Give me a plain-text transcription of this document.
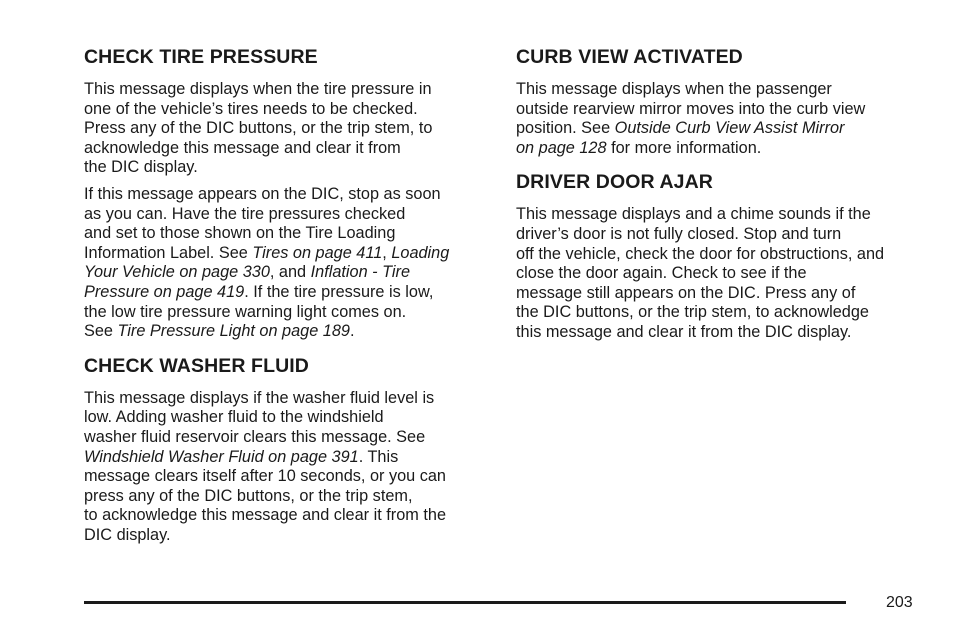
CHECK TIRE PRESSURE
This message displays when the tire pressure in
one of the vehicle’s tires needs to be checked.
Press any of the DIC buttons, or the trip stem, to
acknowledge this message and clear it from
the DIC display.
If this message appears on the DIC, stop as soon
as you can. Have the tire pressures checked
and set to those shown on the Tire Loading
Information Label. See Tires on page 411, Loading
Your Vehicle on page 330, and Inflation - Tire
Pressure on page 419. If the tire pressure is low,
the low tire pressure warning light comes on.
See Tire Pressure Light on page 189.
CHECK WASHER FLUID
This message displays if the washer fluid level is
low. Adding washer fluid to the windshield
washer fluid reservoir clears this message. See
Windshield Washer Fluid on page 391. This
message clears itself after 10 seconds, or you can
press any of the DIC buttons, or the trip stem,
to acknowledge this message and clear it from the
DIC display.
CURB VIEW ACTIVATED
This message displays when the passenger
outside rearview mirror moves into the curb view
position. See Outside Curb View Assist Mirror
on page 128 for more information.
DRIVER DOOR AJAR
This message displays and a chime sounds if the
driver’s door is not fully closed. Stop and turn
off the vehicle, check the door for obstructions, and
close the door again. Check to see if the
message still appears on the DIC. Press any of
the DIC buttons, or the trip stem, to acknowledge
this message and clear it from the DIC display.
203
